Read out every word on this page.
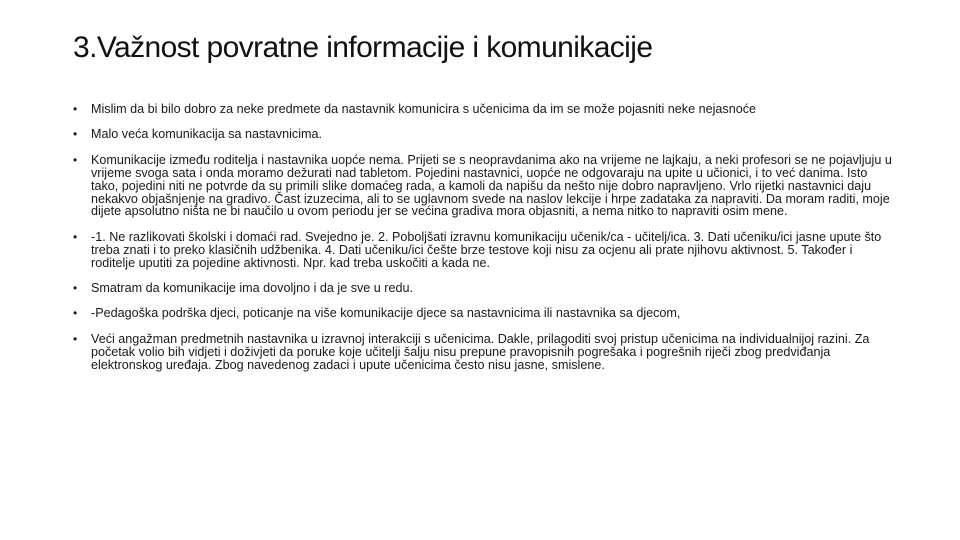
3.Važnost povratne informacije i komunikacije
• Mislim da bi bilo dobro za neke predmete da nastavnik komunicira s učenicima da im se može pojasniti neke nejasnoće
• Malo veća komunikacija sa nastavnicima.
• Komunikacije između roditelja i nastavnika uopće nema. Prijeti se s neopravdanima ako na vrijeme ne lajkaju, a neki profesori se ne pojavljuju u vrijeme svoga sata i onda moramo dežurati nad tabletom. Pojedini nastavnici, uopće ne odgovaraju na upite u učionici, i to već danima. Isto tako, pojedini niti ne potvrde da su primili slike domaćeg rada, a kamoli da napišu da nešto nije dobro napravljeno. Vrlo rijetki nastavnici daju nekakvo objašnjenje na gradivo. Čast izuzecima, ali to se uglavnom svede na naslov lekcije i hrpe zadataka za napraviti. Da moram raditi, moje dijete apsolutno ništa ne bi naučilo u ovom periodu jer se većina gradiva mora objasniti, a nema nitko to napraviti osim mene.
• -1. Ne razlikovati školski i domaći rad. Svejedno je. 2. Poboljšati izravnu komunikaciju učenik/ca - učitelj/ica. 3. Dati učeniku/ici jasne upute što treba znati i to preko klasičnih udžbenika. 4. Dati učeniku/ici češte brze testove koji nisu za ocjenu ali prate njihovu aktivnost. 5. Također i roditelje uputiti za pojedine aktivnosti. Npr. kad treba uskočiti a kada ne.
• Smatram da komunikacije ima dovoljno i da je sve u redu.
• -Pedagoška podrška djeci, poticanje na više komunikacije djece sa nastavnicima ili nastavnika sa djecom,
• Veći angažman predmetnih nastavnika u izravnoj interakciji s učenicima. Dakle, prilagoditi svoj pristup učenicima na individualnijoj razini. Za početak volio bih vidjeti i doživjeti da poruke koje učitelji šalju nisu prepune pravopisnih pogrešaka i pogrešnih riječi zbog predviđanja elektronskog uređaja. Zbog navedenog zadaci i upute učenicima često nisu jasne, smislene.
